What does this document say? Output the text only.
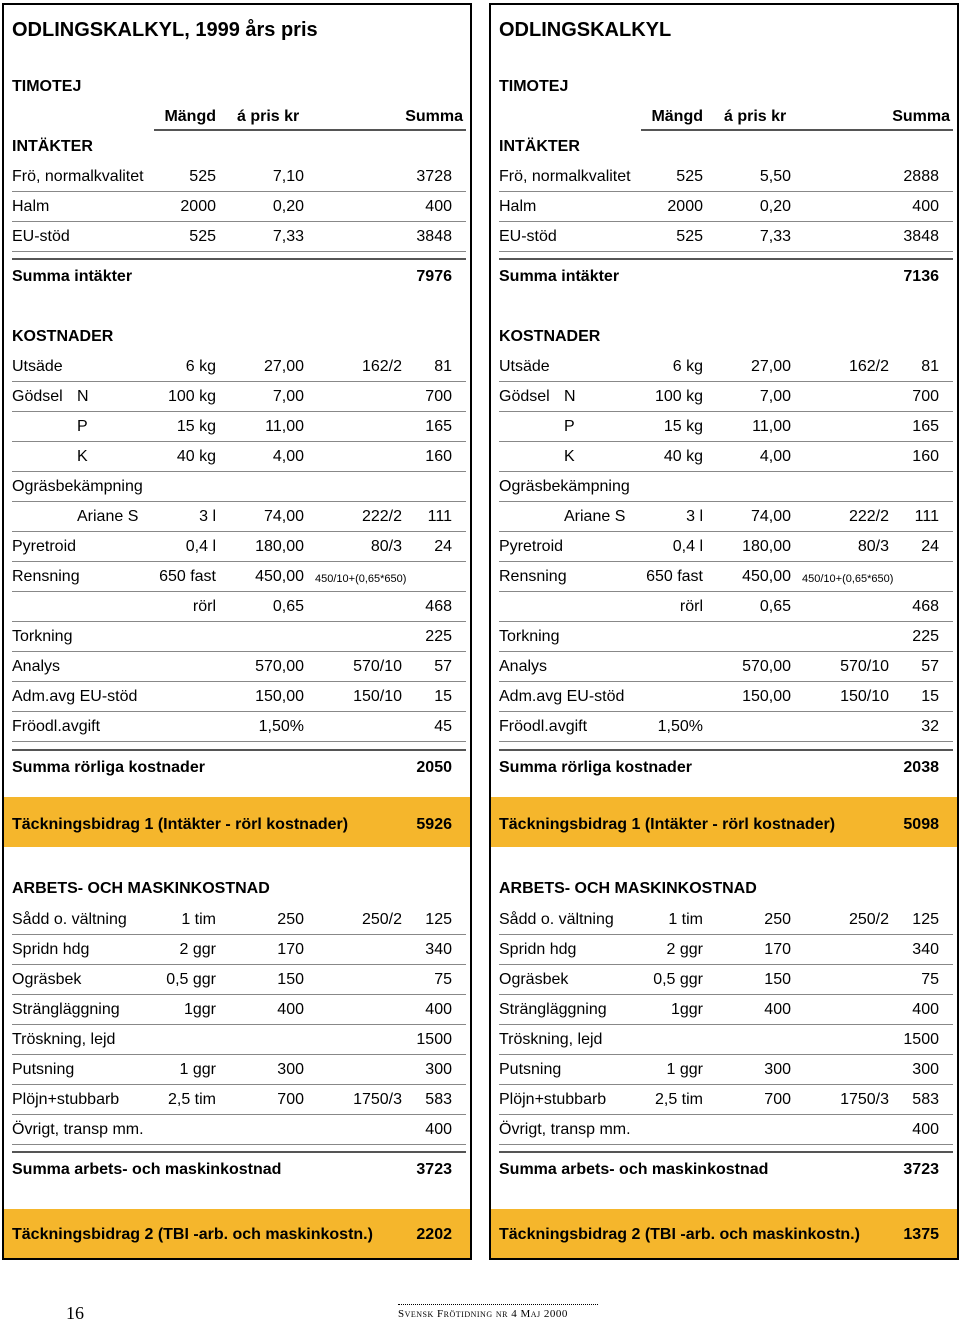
ODLINGSKALKYL, 1999 års pris
TIMOTEJ
Mängd á pris kr	Summa
INTÄKTER
Frö, normalkvalitet	525	7,10	3728
Halm	2000	0,20	400
EU-stöd	525	7,33	3848
Summa intäkter	7976
KOSTNADER
Utsäde	6 kg	27,00	162/2 81
Gödsel N	100 kg	7,00	700
P	15 kg	11,00	165
K	40 kg	4,00	160
Ogräsbekämpning
Ariane S	3 l	74,00	222/2 111
Pyretroid	0,4 l 180,00	80/3 24
Rensning	650 fast 450,00 450/10+(0,65*650)
rörl	0,65	468
Torkning	225
Analys	570,00	570/10 57
Adm.avg EU-stöd	150,00	150/10 15
Fröodl.avgift	1,50%	45
Summa rörliga kostnader	2050
Täckningsbidrag 1 (Intäkter - rörl kostnader)	5926
ARBETS- OCH MASKINKOSTNAD
Sådd o. vältning	1 tim	250	250/2 125
Spridn hdg	2 ggr	170	340
Ogräsbek	0,5 ggr	150	75
Strängläggning	1ggr	400	400
Tröskning, lejd	1500
Putsning	1 ggr	300	300
Plöjn+stubbarb	2,5 tim	700	1750/3 583
Övrigt, transp mm.	400
Summa arbets- och maskinkostnad	3723
Täckningsbidrag 2 (TBI -arb. och maskinkostn.)	2202
ODLINGSKALKYL
TIMOTEJ
Mängd á pris kr	Summa
INTÄKTER
Frö, normalkvalitet	525	5,50	2888
Halm	2000	0,20	400
EU-stöd	525	7,33	3848
Summa intäkter	7136
KOSTNADER
Utsäde	6 kg	27,00	162/2 81
Gödsel N	100 kg	7,00	700
P	15 kg	11,00	165
K	40 kg	4,00	160
Ogräsbekämpning
Ariane S	3 l	74,00	222/2 111
Pyretroid	0,4 l 180,00	80/3 24
Rensning	650 fast 450,00 450/10+(0,65*650)
rörl	0,65	468
Torkning	225
Analys	570,00	570/10 57
Adm.avg EU-stöd	150,00	150/10 15
Fröodl.avgift	1,50%	32
Summa rörliga kostnader	2038
Täckningsbidrag 1 (Intäkter - rörl kostnader)	5098
ARBETS- OCH MASKINKOSTNAD
Sådd o. vältning	1 tim	250	250/2 125
Spridn hdg	2 ggr	170	340
Ogräsbek	0,5 ggr	150	75
Strängläggning	1ggr	400	400
Tröskning, lejd	1500
Putsning	1 ggr	300	300
Plöjn+stubbarb	2,5 tim	700	1750/3 583
Övrigt, transp mm.	400
Summa arbets- och maskinkostnad	3723
Täckningsbidrag 2 (TBI -arb. och maskinkostn.)	1375
16	Svensk Frötidning nr 4 Maj 2000
